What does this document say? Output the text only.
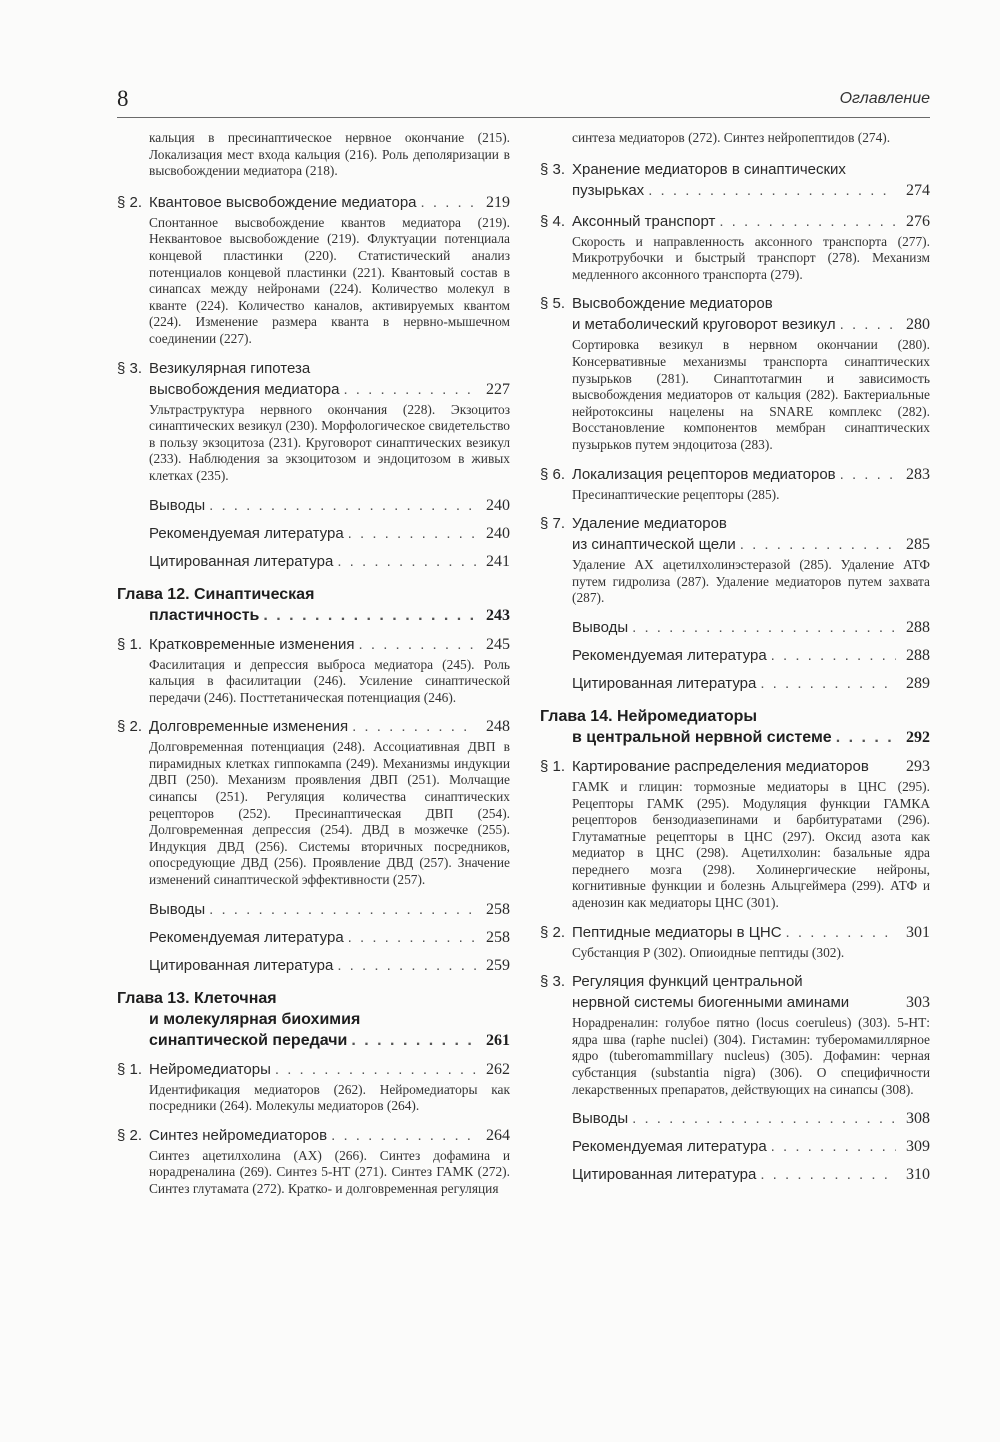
8	Оглавление
кальция в пресинаптическое нервное окончание (215). Локализация мест входа кальция (216). Роль деполяризации в высвобождении медиатора (218).
§ 2. Квантовое высвобождение медиатора . . .	219
Спонтанное высвобождение квантов медиатора (219). Неквантовое высвобождение (219). Флуктуации потенциала концевой пластинки (220). Статистический анализ потенциалов концевой пластинки (221). Квантовый состав в синапсах между нейронами (224). Количество молекул в кванте (224). Количество каналов, активируемых квантом (224). Изменение размера кванта в нервно-мышечном соединении (227).
§ 3. Везикулярная гипотеза
высвобождения медиатора . . .	227
Ультраструктура нервного окончания (228). Экзоцитоз синаптических везикул (230). Морфологическое свидетельство в пользу экзоцитоза (231). Круговорот синаптических везикул (233). Наблюдения за экзоцитозом и эндоцитозом в живых клетках (235).
Выводы . . .	240
Рекомендуемая литература . . .	240
Цитированная литература . . .	241
Глава 12. Синаптическая
пластичность . . .	243
§ 1. Кратковременные изменения . . .	245
Фасилитация и депрессия выброса медиатора (245). Роль кальция в фасилитации (246). Усиление синаптической передачи (246). Посттетаническая потенциация (246).
§ 2. Долговременные изменения . . .	248
Долговременная потенциация (248). Ассоциативная ДВП в пирамидных клетках гиппокампа (249). Механизмы индукции ДВП (250). Механизм проявления ДВП (251). Молчащие синапсы (251). Регуляция количества синаптических рецепторов (252). Пресинаптическая ДВП (254). Долговременная депрессия (254). ДВД в мозжечке (255). Индукция ДВД (256). Системы вторичных посредников, опосредующие ДВД (256). Проявление ДВД (257). Значение изменений синаптической эффективности (257).
Выводы . . .	258
Рекомендуемая литература . . .	258
Цитированная литература . . .	259
Глава 13. Клеточная
и молекулярная биохимия
синаптической передачи . . .	261
§ 1. Нейромедиаторы . . .	262
Идентификация медиаторов (262). Нейромедиаторы как посредники (264). Молекулы медиаторов (264).
§ 2. Синтез нейромедиаторов . . .	264
Синтез ацетилхолина (АХ) (266). Синтез дофамина и норадреналина (269). Синтез 5-НТ (271). Синтез ГАМК (272). Синтез глутамата (272). Кратко- и долговременная регуляция
синтеза медиаторов (272). Синтез нейропептидов (274).
§ 3. Хранение медиаторов в синаптических
пузырьках . . .	274
§ 4. Аксонный транспорт . . .	276
Скорость и направленность аксонного транспорта (277). Микротрубочки и быстрый транспорт (278). Механизм медленного аксонного транспорта (279).
§ 5. Высвобождение медиаторов
и метаболический круговорот везикул . . .	280
Сортировка везикул в нервном окончании (280). Консервативные механизмы транспорта синаптических пузырьков (281). Синаптотагмин и зависимость высвобождения медиаторов от кальция (282). Бактериальные нейротоксины нацелены на SNARE комплекс (282). Восстановление компонентов мембран синаптических пузырьков путем эндоцитоза (283).
§ 6. Локализация рецепторов медиаторов . . .	283
Пресинаптические рецепторы (285).
§ 7. Удаление медиаторов
из синаптической щели . . .	285
Удаление АХ ацетилхолинэстеразой (285). Удаление АТФ путем гидролиза (287). Удаление медиаторов путем захвата (287).
Выводы . . .	288
Рекомендуемая литература . . .	288
Цитированная литература . . .	289
Глава 14. Нейромедиаторы
в центральной нервной системе . . .	292
§ 1. Картирование распределения медиаторов	293
ГАМК и глицин: тормозные медиаторы в ЦНС (295). Рецепторы ГАМК (295). Модуляция функции ГАМКA рецепторов бензодиазепинами и барбитуратами (296). Глутаматные рецепторы в ЦНС (297). Оксид азота как медиатор в ЦНС (298). Ацетилхолин: базальные ядра переднего мозга (298). Холинергические нейроны, когнитивные функции и болезнь Альцгеймера (299). АТФ и аденозин как медиаторы ЦНС (301).
§ 2. Пептидные медиаторы в ЦНС . . .	301
Субстанция Р (302). Опиоидные пептиды (302).
§ 3. Регуляция функций центральной
нервной системы биогенными аминами	303
Норадреналин: голубое пятно (locus coeruleus) (303). 5-НТ: ядра шва (raphe nuclei) (304). Гистамин: туберомамиллярное ядро (tuberomammillary nucleus) (305). Дофамин: черная субстанция (substantia nigra) (306). О специфичности лекарственных препаратов, действующих на синапсы (308).
Выводы . . .	308
Рекомендуемая литература . . .	309
Цитированная литература . . .	310
